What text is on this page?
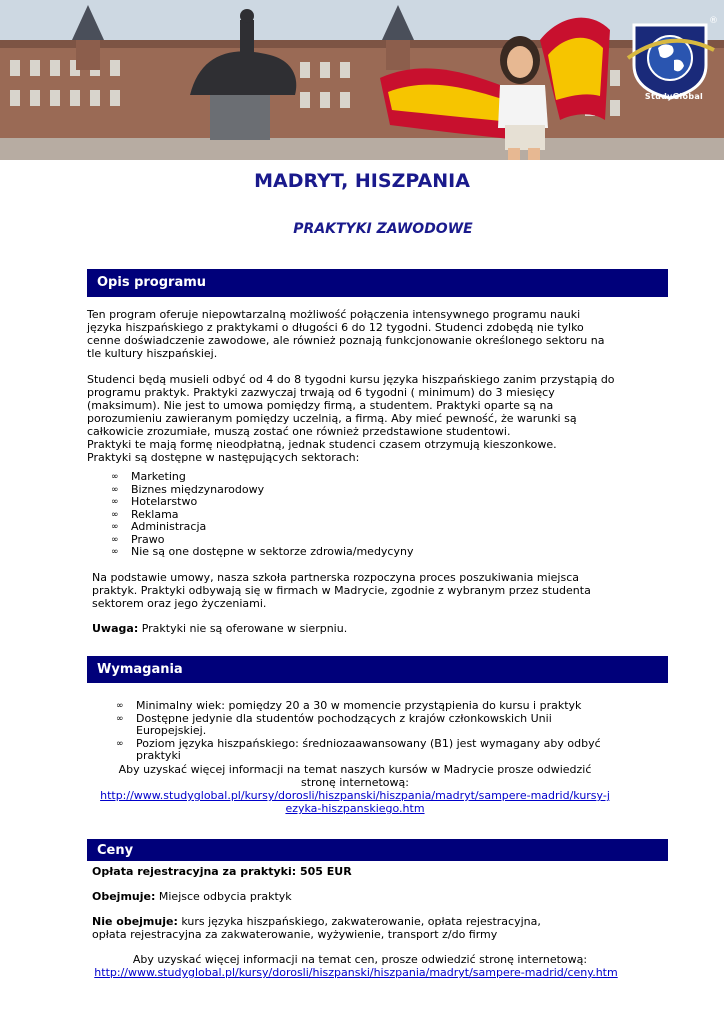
StudyGlobal
®
MADRYT, HISZPANIA
PRAKTYKI ZAWODOWE
Opis programu

Ten program oferuje niepowtarzalną możliwość połączenia intensywnego programu nauki języka hiszpańskiego z praktykami o długości 6 do 12 tygodni. Studenci zdobędą nie tylko cenne doświadczenie zawodowe, ale również poznają funkcjonowanie określonego sektoru na tle kultury hiszpańskiej.

Studenci będą musieli odbyć od 4 do 8 tygodni kursu języka hiszpańskiego zanim przystąpią do programu praktyk. Praktyki zazwyczaj trwają od 6 tygodni ( minimum) do 3 miesięcy (maksimum). Nie jest to umowa pomiędzy firmą, a studentem. Praktyki oparte są na porozumieniu zawieranym pomiędzy uczelnią, a firmą. Aby mieć pewność, że warunki są całkowicie zrozumiałe, muszą zostać one również przedstawione studentowi.

Praktyki te mają formę nieodpłatną, jednak studenci czasem otrzymują kieszonkowe.

Praktyki są dostępne w następujących sektorach:

∞ Marketing
∞ Biznes międzynarodowy
∞ Hotelarstwo
∞ Reklama
∞ Administracja
∞ Prawo
∞ Nie są one dostępne w sektorze zdrowia/medycyny
Na podstawie umowy, nasza szkoła partnerska rozpoczyna proces poszukiwania miejsca praktyk. Praktyki odbywają się w firmach w Madrycie, zgodnie z wybranym przez studenta sektorem oraz jego życzeniami.
Uwaga: Praktyki nie są oferowane w sierpniu.
Wymagania
∞ Minimalny wiek: pomiędzy 20 a 30 w momencie przystąpienia do kursu i praktyk
∞ Dostępne jedynie dla studentów pochodzących z krajów członkowskich Unii Europejskiej.
∞ Poziom języka hiszpańskiego: średniozaawansowany (B1) jest wymagany aby odbyć praktyki
Aby uzyskać więcej informacji na temat naszych kursów w Madrycie prosze odwiedzić stronę internetową:
http://www.studyglobal.pl/kursy/dorosli/hiszpanski/hiszpania/madryt/sampere-madrid/kursy-jezyka-hiszpanskiego.htm
Ceny
Opłata rejestracyjna za praktyki: 505 EUR
Obejmuje: Miejsce odbycia praktyk
Nie obejmuje: kurs języka hiszpańskiego, zakwaterowanie, opłata rejestracyjna, opłata rejestracyjna za zakwaterowanie, wyżywienie, transport z/do firmy
Aby uzyskać więcej informacji na temat cen, prosze odwiedzić stronę internetową:
http://www.studyglobal.pl/kursy/dorosli/hiszpanski/hiszpania/madryt/sampere-madrid/ceny.htm
